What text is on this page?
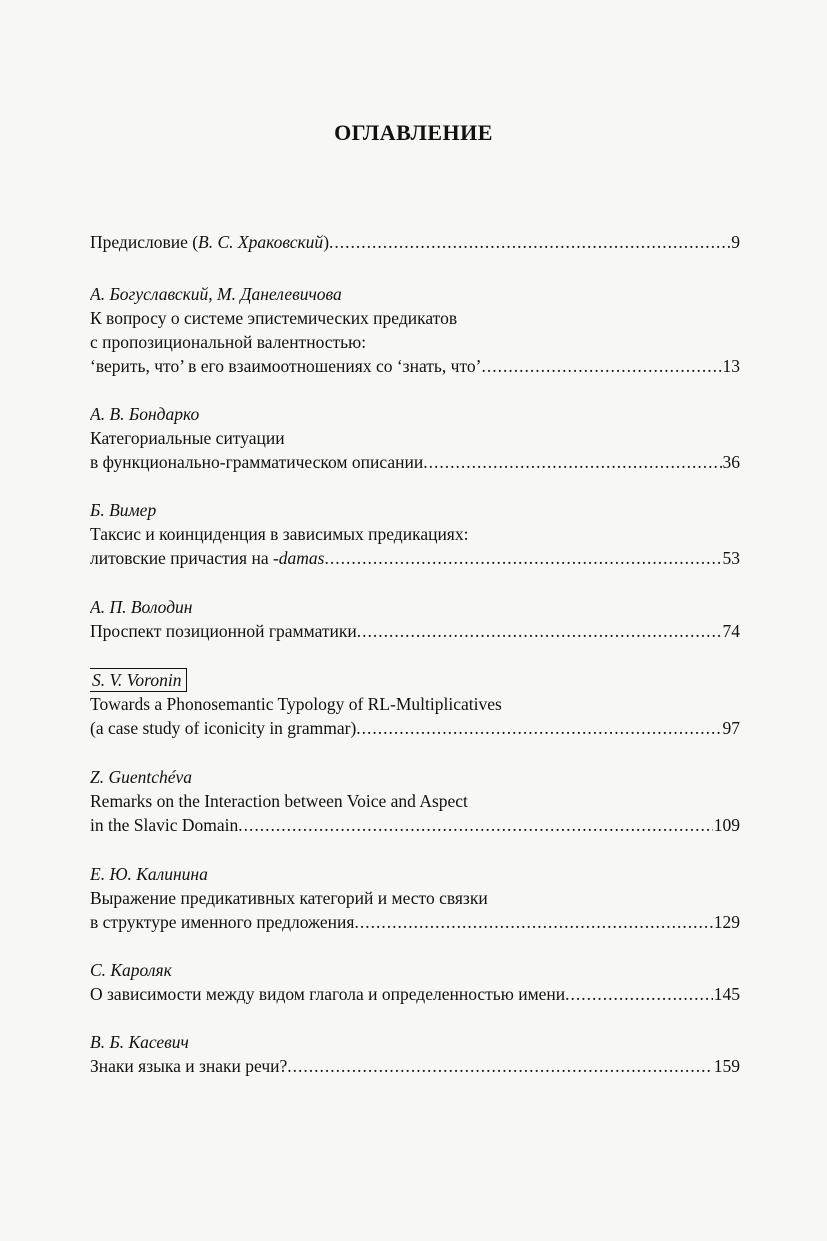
ОГЛАВЛЕНИЕ
Предисловие (В. С. Храковский) .....	9
А. Богуславский, М. Данелевичова
К вопросу о системе эпистемических предикатов
с пропозициональной валентностью:
‘верить, что’ в его взаимоотношениях со ‘знать, что’ .....	13
А. В. Бондарко
Категориальные ситуации
в функционально-грамматическом описании .....	36
Б. Вимер
Таксис и коинциденция в зависимых предикациях:
литовские причастия на -damas .....	53
А. П. Володин
Проспект позиционной грамматики .....	74
S. V. Voronin
Towards a Phonosemantic Typology of RL-Multiplicatives
(a case study of iconicity in grammar) .....	97
Z. Guentchéva
Remarks on the Interaction between Voice and Aspect
in the Slavic Domain .....	109
Е. Ю. Калинина
Выражение предикативных категорий и место связки
в структуре именного предложения .....	129
С. Кароляк
О зависимости между видом глагола и определенностью имени .....	145
В. Б. Касевич
Знаки языка и знаки речи? .....	159
